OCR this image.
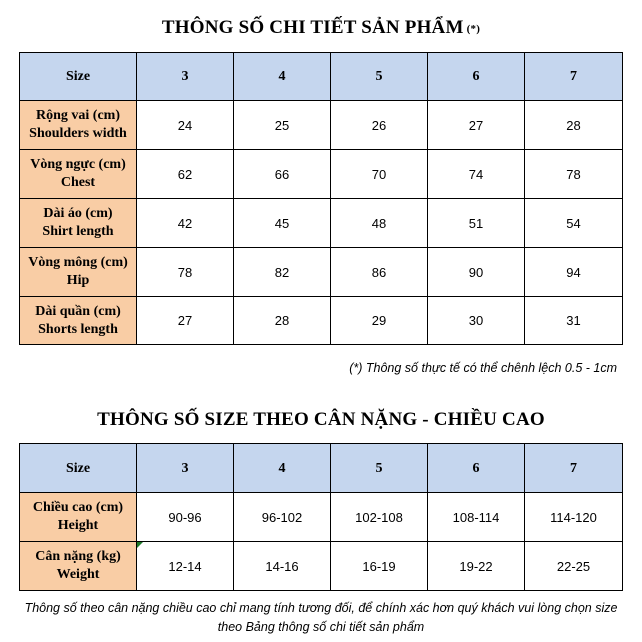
THÔNG SỐ CHI TIẾT SẢN PHẨM (*)
Size	3	4	5	6	7
Rộng vai (cm)
Shoulders width	24	25	26	27	28
Vòng ngực (cm)
Chest	62	66	70	74	78
Dài áo (cm)
Shirt length	42	45	48	51	54
Vòng mông (cm)
Hip	78	82	86	90	94
Dài quần (cm)
Shorts length	27	28	29	30	31
(*) Thông số thực tế có thể chênh lệch 0.5 - 1cm
THÔNG SỐ SIZE THEO CÂN NẶNG - CHIỀU CAO
Size	3	4	5	6	7
Chiều cao (cm)
Height	90-96	96-102	102-108	108-114	114-120
Cân nặng (kg)
Weight	12-14	14-16	16-19	19-22	22-25
Thông số theo cân nặng chiều cao chỉ mang tính tương đối, để chính xác hơn quý khách vui lòng chọn size
theo Bảng thông số chi tiết sản phẩm
